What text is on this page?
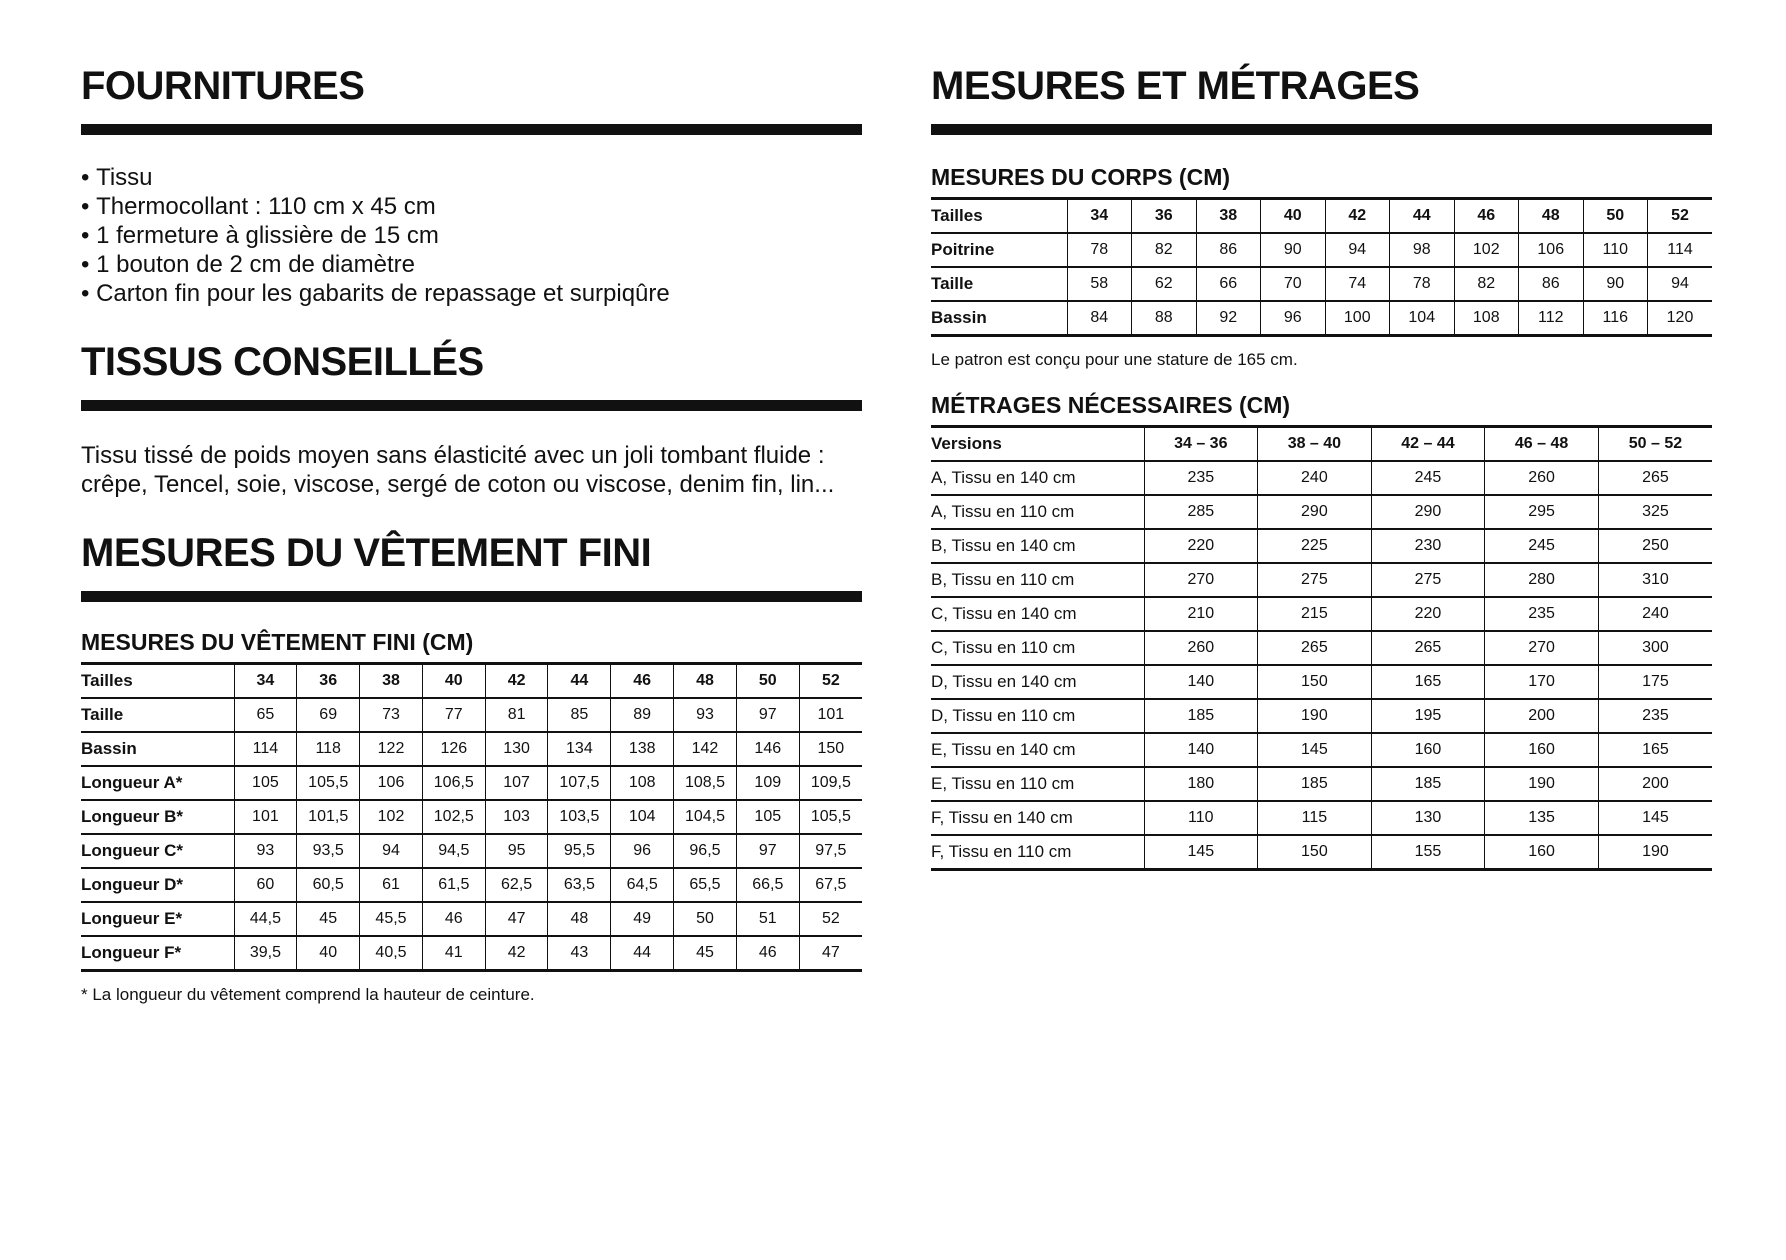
FOURNITURES
• Tissu
• Thermocollant : 110 cm x 45 cm
• 1 fermeture à glissière de 15 cm
• 1 bouton de 2 cm de diamètre
• Carton fin pour les gabarits de repassage et surpiqûre
TISSUS CONSEILLÉS

Tissu tissé de poids moyen sans élasticité avec un joli tombant fluide : crêpe, Tencel, soie, viscose, sergé de coton ou viscose, denim fin, lin...

MESURES DU VÊTEMENT FINI
MESURES DU VÊTEMENT FINI (CM)
Tailles	34	36	38	40	42	44	46	48	50	52
Taille	65	69	73	77	81	85	89	93	97	101
Bassin	114	118	122	126	130	134	138	142	146	150
Longueur A*	105	105,5	106	106,5	107	107,5	108	108,5	109	109,5
Longueur B*	101	101,5	102	102,5	103	103,5	104	104,5	105	105,5
Longueur C*	93	93,5	94	94,5	95	95,5	96	96,5	97	97,5
Longueur D*	60	60,5	61	61,5	62,5	63,5	64,5	65,5	66,5	67,5
Longueur E*	44,5	45	45,5	46	47	48	49	50	51	52
Longueur F*	39,5	40	40,5	41	42	43	44	45	46	47

* La longueur du vêtement comprend la hauteur de ceinture.

MESURES ET MÉTRAGES
MESURES DU CORPS (CM)
Tailles	34	36	38	40	42	44	46	48	50	52
Poitrine	78	82	86	90	94	98	102	106	110	114
Taille	58	62	66	70	74	78	82	86	90	94
Bassin	84	88	92	96	100	104	108	112	116	120

Le patron est conçu pour une stature de 165 cm.

MÉTRAGES NÉCESSAIRES (CM)
Versions	34 – 36	38 – 40	42 – 44	46 – 48	50 – 52
A, Tissu en 140 cm	235	240	245	260	265
A, Tissu en 110 cm	285	290	290	295	325
B, Tissu en 140 cm	220	225	230	245	250
B, Tissu en 110 cm	270	275	275	280	310
C, Tissu en 140 cm	210	215	220	235	240
C, Tissu en 110 cm	260	265	265	270	300
D, Tissu en 140 cm	140	150	165	170	175
D, Tissu en 110 cm	185	190	195	200	235
E, Tissu en 140 cm	140	145	160	160	165
E, Tissu en 110 cm	180	185	185	190	200
F, Tissu en 140 cm	110	115	130	135	145
F, Tissu en 110 cm	145	150	155	160	190
